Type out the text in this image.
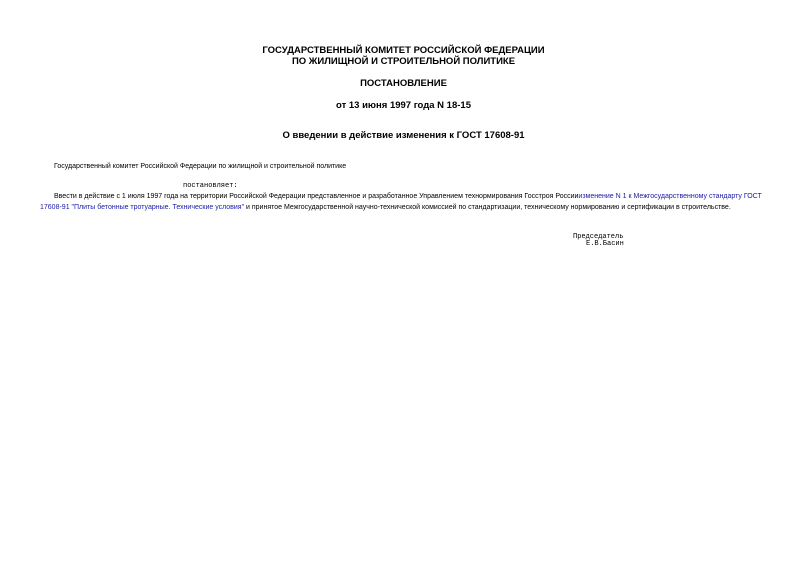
ГОСУДАРСТВЕННЫЙ КОМИТЕТ РОССИЙСКОЙ ФЕДЕРАЦИИ
ПО ЖИЛИЩНОЙ И СТРОИТЕЛЬНОЙ ПОЛИТИКЕ
ПОСТАНОВЛЕНИЕ
от 13 июня 1997 года N 18-15
О введении в действие изменения к ГОСТ 17608-91
Государственный комитет Российской Федерации по жилищной и строительной политике
постановляет:
Ввести в действие с 1 июля 1997 года на территории Российской Федерации представленное и разработанное Управлением технормирования Госстроя Россииизменение N 1 к Межгосударственному стандарту ГОСТ 17608-91 "Плиты бетонные тротуарные. Технические условия" и принятое Межгосударственной научно-технической комиссией по стандартизации, техническому нормированию и сертификации в строительстве.
Председатель
Е.В.Басин
